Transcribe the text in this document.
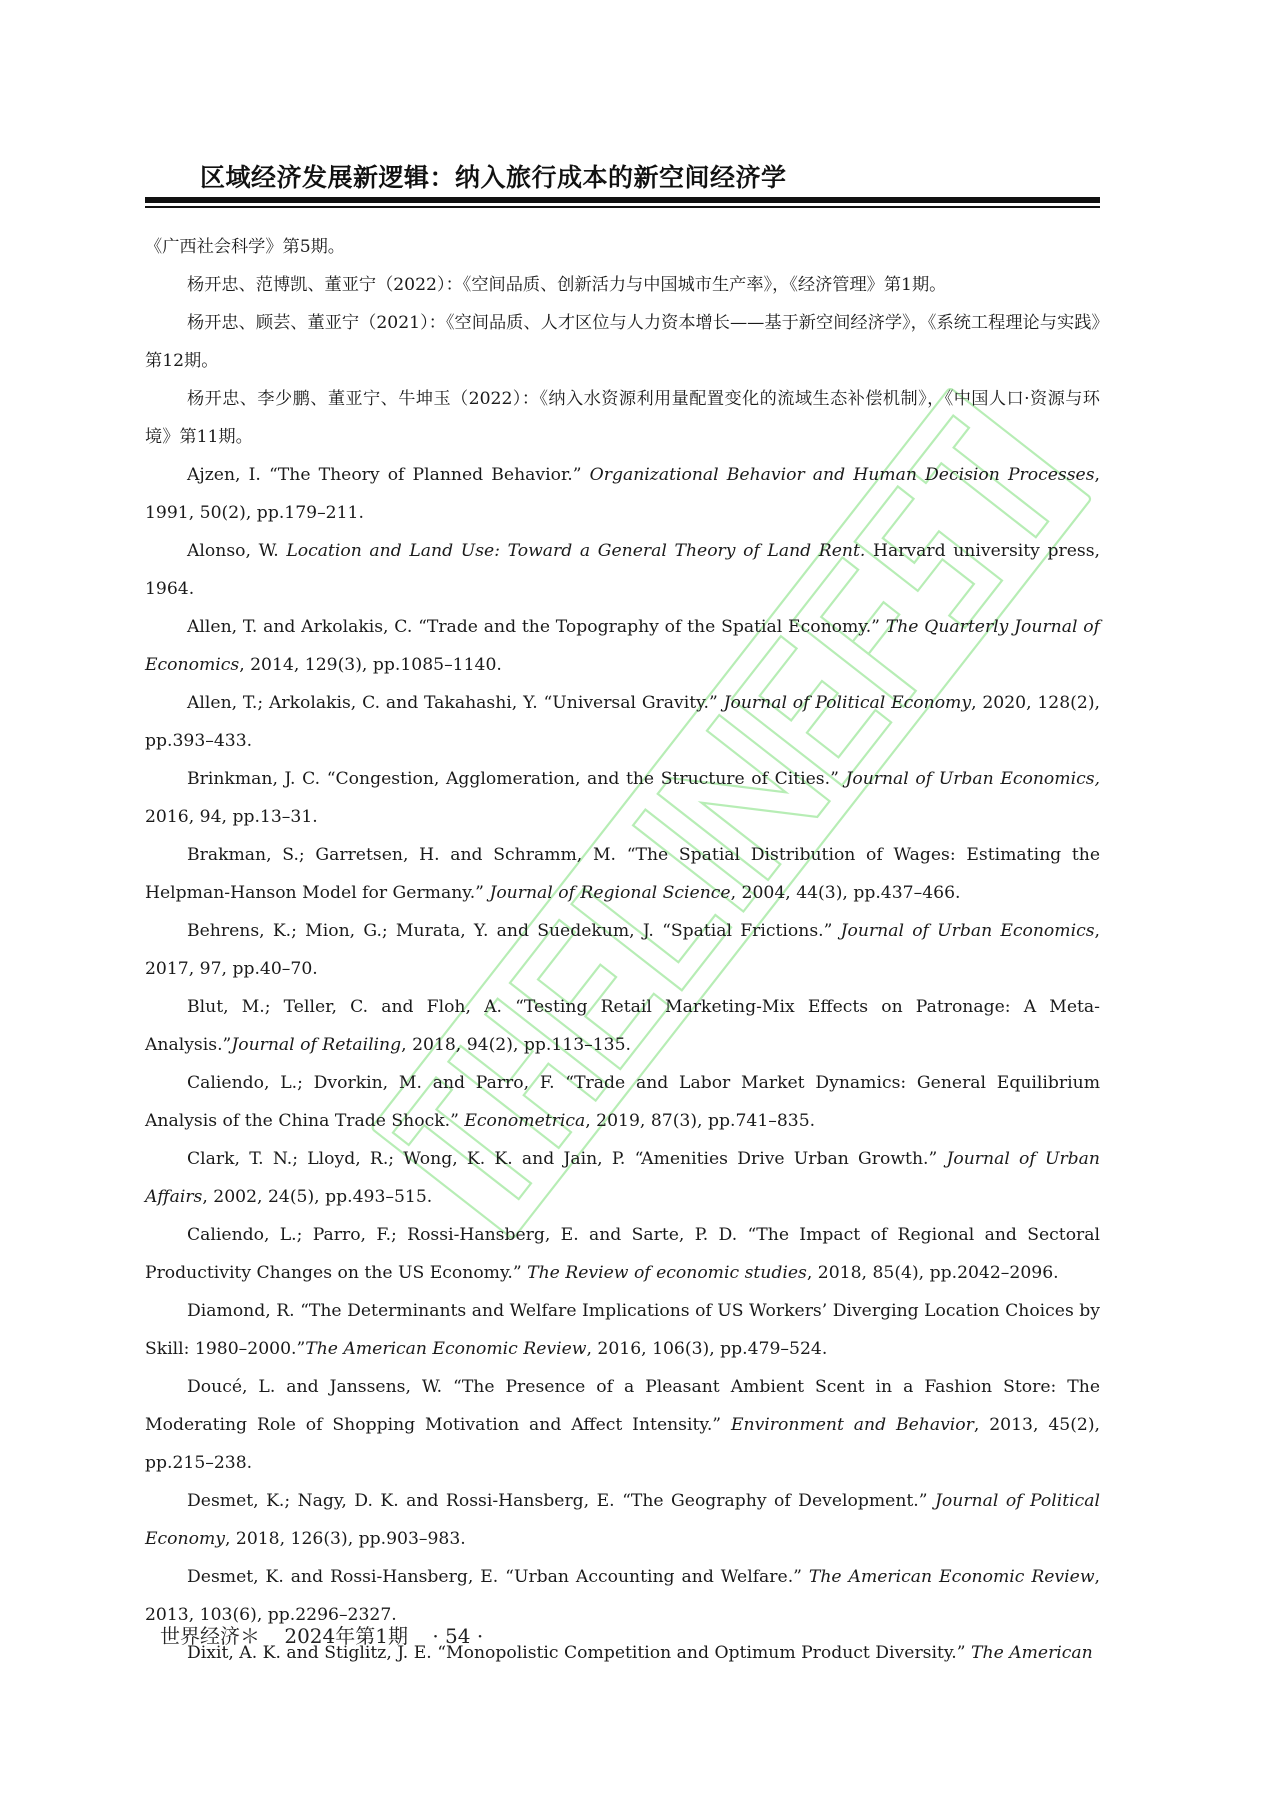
区域经济发展新逻辑：纳入旅行成本的新空间经济学
《广西社会科学》第5期。
杨开忠、范博凯、董亚宁（2022）：《空间品质、创新活力与中国城市生产率》，《经济管理》第1期。
杨开忠、顾芸、董亚宁（2021）：《空间品质、人才区位与人力资本增长——基于新空间经济学》，《系统工程理论与实践》第12期。
杨开忠、李少鹏、董亚宁、牛坤玉（2022）：《纳入水资源利用量配置变化的流域生态补偿机制》，《中国人口·资源与环境》第11期。
Ajzen, I. “The Theory of Planned Behavior.” Organizational Behavior and Human Decision Processes, 1991, 50(2), pp.179–211.
Alonso, W. Location and Land Use: Toward a General Theory of Land Rent. Harvard university press, 1964.
Allen, T. and Arkolakis, C. “Trade and the Topography of the Spatial Economy.” The Quarterly Journal of Economics, 2014, 129(3), pp.1085–1140.
Allen, T.; Arkolakis, C. and Takahashi, Y. “Universal Gravity.” Journal of Political Economy, 2020, 128(2), pp.393–433.
Brinkman, J. C. “Congestion, Agglomeration, and the Structure of Cities.” Journal of Urban Economics, 2016, 94, pp.13–31.
Brakman, S.; Garretsen, H. and Schramm, M. “The Spatial Distribution of Wages: Estimating the Helpman-Hanson Model for Germany.” Journal of Regional Science, 2004, 44(3), pp.437–466.
Behrens, K.; Mion, G.; Murata, Y. and Suedekum, J. “Spatial Frictions.” Journal of Urban Economics, 2017, 97, pp.40–70.
Blut, M.; Teller, C. and Floh, A. “Testing Retail Marketing-Mix Effects on Patronage: A Meta-Analysis.”Journal of Retailing, 2018, 94(2), pp.113–135.
Caliendo, L.; Dvorkin, M. and Parro, F. “Trade and Labor Market Dynamics: General Equilibrium Analysis of the China Trade Shock.” Econometrica, 2019, 87(3), pp.741–835.
Clark, T. N.; Lloyd, R.; Wong, K. K. and Jain, P. “Amenities Drive Urban Growth.” Journal of Urban Affairs, 2002, 24(5), pp.493–515.
Caliendo, L.; Parro, F.; Rossi-Hansberg, E. and Sarte, P. D. “The Impact of Regional and Sectoral Productivity Changes on the US Economy.” The Review of economic studies, 2018, 85(4), pp.2042–2096.
Diamond, R. “The Determinants and Welfare Implications of US Workers’ Diverging Location Choices by Skill: 1980–2000.”The American Economic Review, 2016, 106(3), pp.479–524.
Doucé, L. and Janssens, W. “The Presence of a Pleasant Ambient Scent in a Fashion Store: The Moderating Role of Shopping Motivation and Affect Intensity.” Environment and Behavior, 2013, 45(2), pp.215–238.
Desmet, K.; Nagy, D. K. and Rossi-Hansberg, E. “The Geography of Development.” Journal of Political Economy, 2018, 126(3), pp.903–983.
Desmet, K. and Rossi-Hansberg, E. “Urban Accounting and Welfare.” The American Economic Review, 2013, 103(6), pp.2296–2327.
Dixit, A. K. and Stiglitz, J. E. “Monopolistic Competition and Optimum Product Diversity.” The American
世界经济＊ 2024年第1期 · 54 ·
